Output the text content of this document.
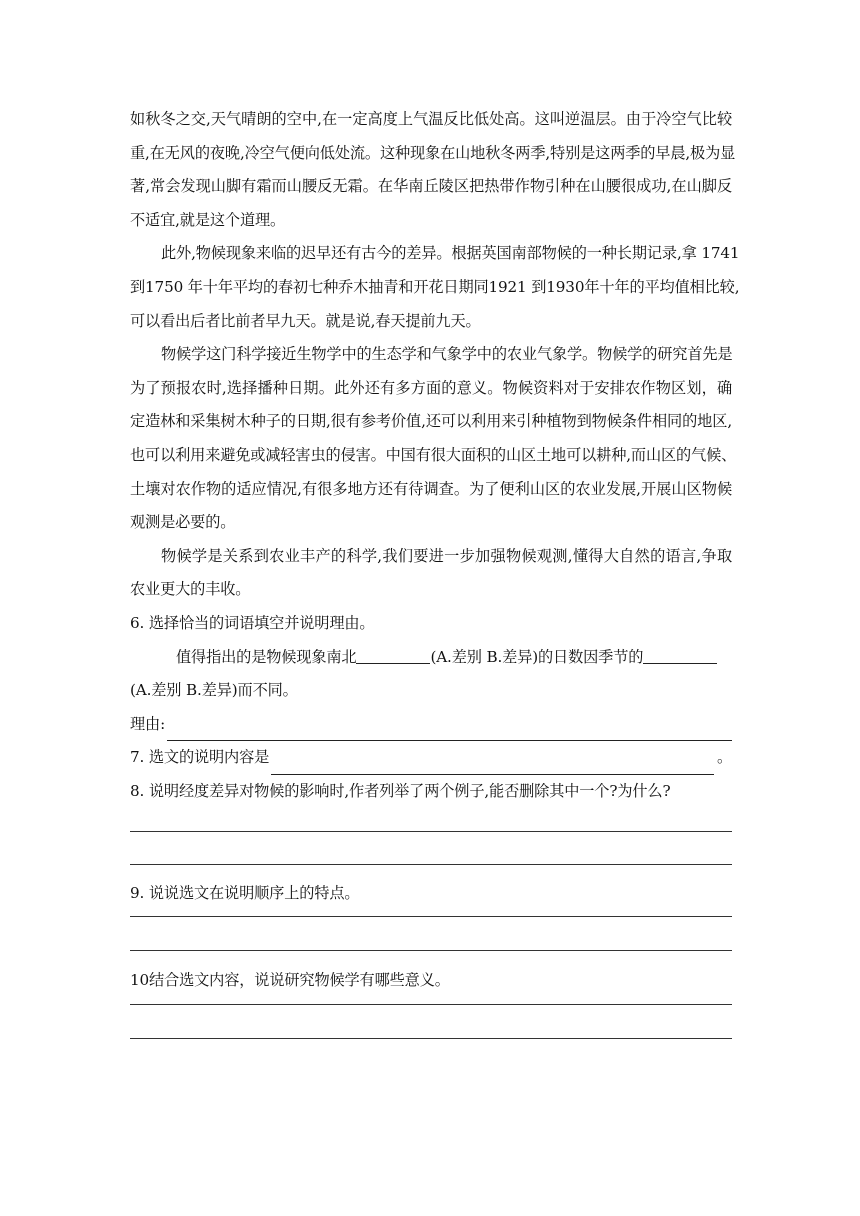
如秋冬之交,天气晴朗的空中,在一定高度上气温反比低处高。这叫逆温层。由于冷空气比较
重,在无风的夜晚,冷空气便向低处流。这种现象在山地秋冬两季,特别是这两季的早晨,极为显
著,常会发现山脚有霜而山腰反无霜。在华南丘陵区把热带作物引种在山腰很成功,在山脚反
不适宜,就是这个道理。
此外,物候现象来临的迟早还有古今的差异。根据英国南部物候的一种长期记录,拿 1741
到1750 年十年平均的春初七种乔木抽青和开花日期同1921 到1930年十年的平均值相比较,
可以看出后者比前者早九天。就是说,春天提前九天。
物候学这门科学接近生物学中的生态学和气象学中的农业气象学。物候学的研究首先是
为了预报农时,选择播种日期。此外还有多方面的意义。物候资料对于安排农作物区划，确
定造林和采集树木种子的日期,很有参考价值,还可以利用来引种植物到物候条件相同的地区,
也可以利用来避免或减轻害虫的侵害。中国有很大面积的山区土地可以耕种,而山区的气候、
土壤对农作物的适应情况,有很多地方还有待调查。为了便利山区的农业发展,开展山区物候
观测是必要的。
物候学是关系到农业丰产的科学,我们要进一步加强物候观测,懂得大自然的语言,争取
农业更大的丰收。
6. 选择恰当的词语填空并说明理由。
值得指出的是物候现象南北	(A.差别 B.差异)的日数因季节的
(A.差别 B.差异)而不同。
理由:
7. 选文的说明内容是	。
8. 说明经度差异对物候的影响时,作者列举了两个例子,能否删除其中一个?为什么?
9. 说说选文在说明顺序上的特点。
10结合选文内容，说说研究物候学有哪些意义。
